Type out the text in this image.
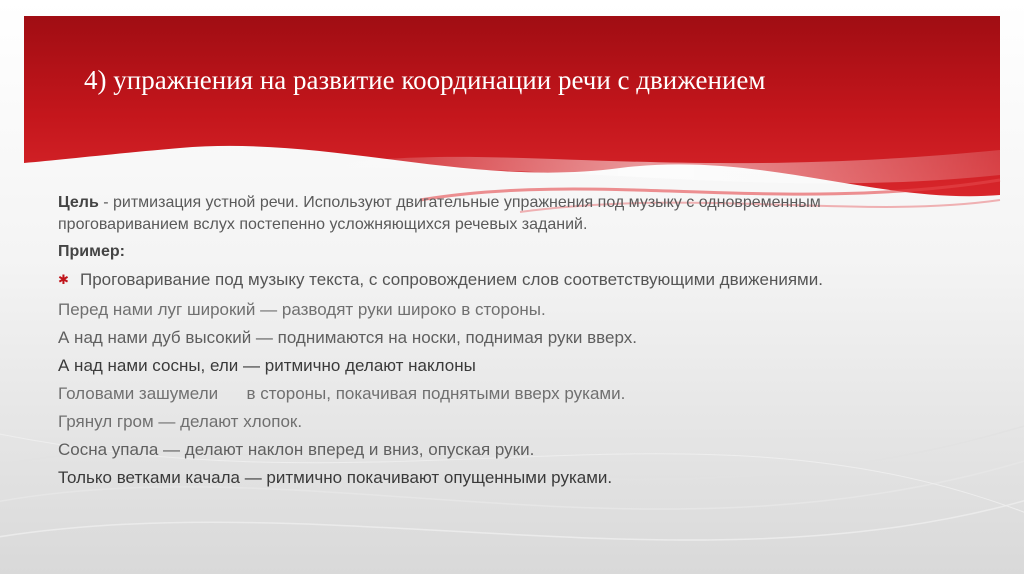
4) упражнения на развитие координации речи с движением

Цель - ритмизация устной речи. Используют двигательные упражнения под музыку с одновременным проговариванием вслух постепенно усложняющихся речевых заданий.

Пример:

✱ Проговаривание под музыку текста, с сопровождением слов соответствующими движениями.

Перед нами луг широкий — разводят руки широко в стороны.

А над нами дуб высокий — поднимаются на носки, поднимая руки вверх.

А над нами сосны, ели — ритмично делают наклоны

Головами зашумели      в стороны, покачивая поднятыми вверх руками.

Грянул гром — делают хлопок.

Сосна упала — делают наклон вперед и вниз, опуская руки.

Только ветками качала — ритмично покачивают опущенными руками.
